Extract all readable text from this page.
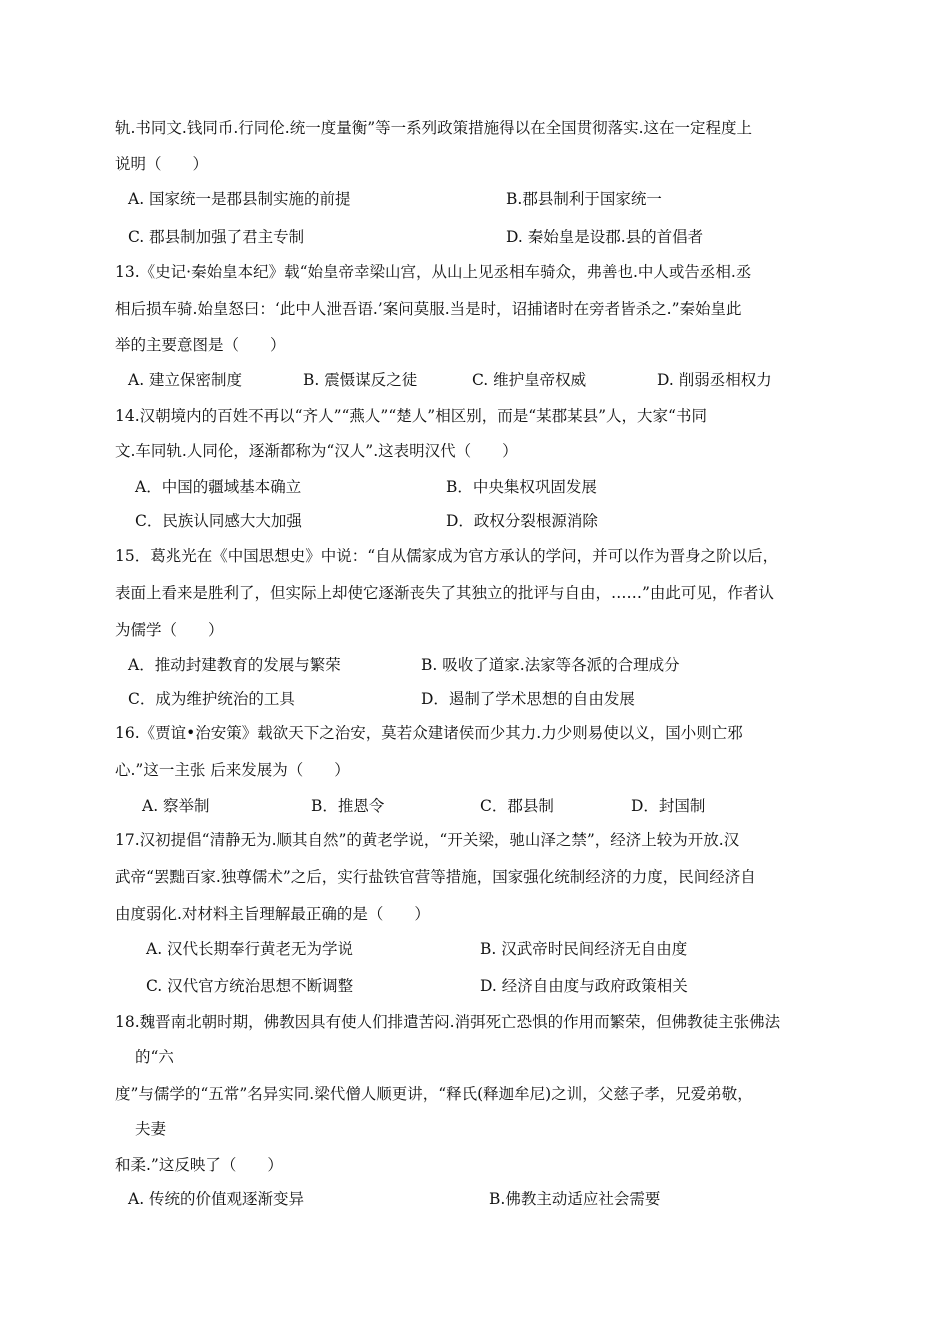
轨.书同文.钱同币.行同伦.统一度量衡”等一系列政策措施得以在全国贯彻落实.这在一定程度上
说明（　　）
A. 国家统一是郡县制实施的前提	B.郡县制利于国家统一
C. 郡县制加强了君主专制	D. 秦始皇是设郡.县的首倡者
13.《史记·秦始皇本纪》载“始皇帝幸梁山宫，从山上见丞相车骑众，弗善也.中人或告丞相.丞
相后损车骑.始皇怒曰：‘此中人泄吾语.’案问莫服.当是时，诏捕诸时在旁者皆杀之.”秦始皇此
举的主要意图是（　　）
A. 建立保密制度	B. 震慑谋反之徒	C. 维护皇帝权威	D. 削弱丞相权力
14.汉朝境内的百姓不再以“齐人”“燕人”“楚人”相区别，而是“某郡某县”人，大家“书同
文.车同轨.人同伦，逐渐都称为“汉人”.这表明汉代（　　）
A．中国的疆域基本确立	B．中央集权巩固发展
C．民族认同感大大加强	D．政权分裂根源消除
15．葛兆光在《中国思想史》中说：“自从儒家成为官方承认的学问，并可以作为晋身之阶以后，
表面上看来是胜利了，但实际上却使它逐渐丧失了其独立的批评与自由，……”由此可见，作者认
为儒学（　　）
A．推动封建教育的发展与繁荣	B. 吸收了道家.法家等各派的合理成分
C．成为维护统治的工具	D．遏制了学术思想的自由发展
16.《贾谊•治安策》载欲天下之治安，莫若众建诸侯而少其力.力少则易使以义，国小则亡邪
心.”这一主张 后来发展为（　　）
A. 察举制	B．推恩令	C．郡县制	D．封国制
17.汉初提倡“清静无为.顺其自然”的黄老学说，“开关梁，驰山泽之禁”，经济上较为开放.汉
武帝“罢黜百家.独尊儒术”之后，实行盐铁官营等措施，国家强化统制经济的力度，民间经济自
由度弱化.对材料主旨理解最正确的是（　　）
A. 汉代长期奉行黄老无为学说	B. 汉武帝时民间经济无自由度
C. 汉代官方统治思想不断调整	D. 经济自由度与政府政策相关
18.魏晋南北朝时期，佛教因具有使人们排遣苦闷.消弭死亡恐惧的作用而繁荣，但佛教徒主张佛法
的“六
度”与儒学的“五常”名异实同.梁代僧人顺更讲，“释氏(释迦牟尼)之训，父慈子孝，兄爱弟敬，
夫妻
和柔.”这反映了（　　）
A. 传统的价值观逐渐变异	B.佛教主动适应社会需要
